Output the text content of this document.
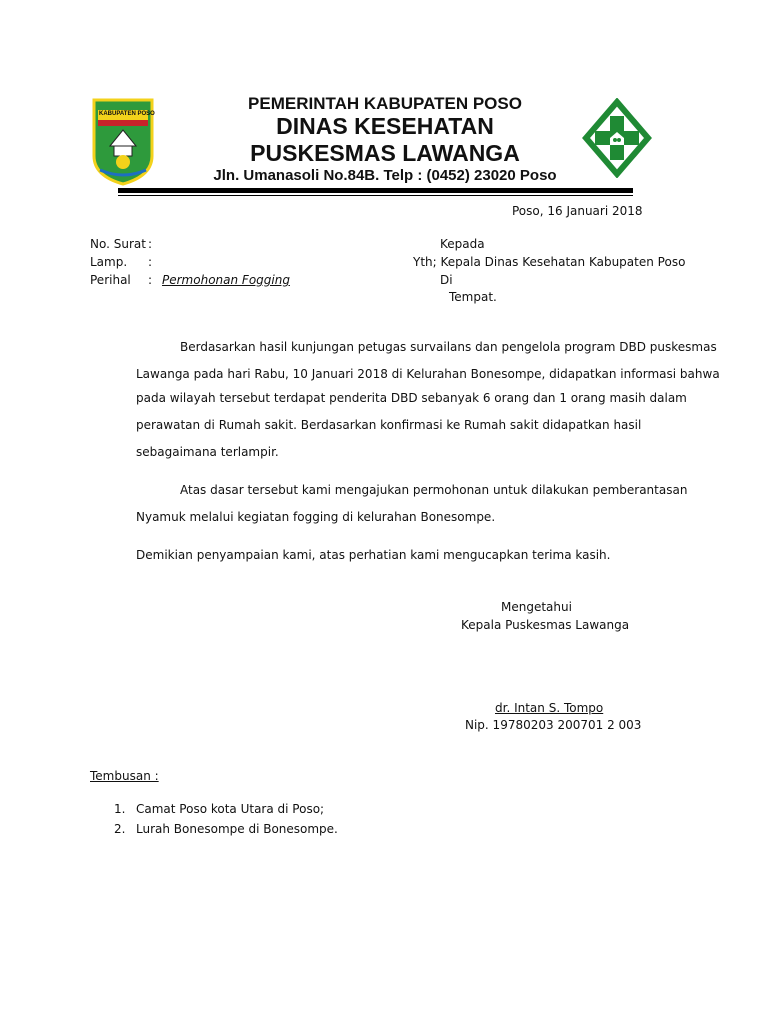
KABUPATEN POSO
PEMERINTAH KABUPATEN POSO
DINAS KESEHATAN
PUSKESMAS LAWANGA
Jln. Umanasoli No.84B. Telp : (0452) 23020 Poso
Poso, 16 Januari 2018
No. Surat :
Lamp. :
Perihal : Permohonan Fogging
Kepada
Yth; Kepala Dinas Kesehatan Kabupaten Poso
Di
Tempat.
Berdasarkan hasil kunjungan petugas survailans dan pengelola program DBD puskesmas
Lawanga pada hari Rabu, 10 Januari 2018 di Kelurahan Bonesompe, didapatkan informasi bahwa
pada wilayah tersebut terdapat penderita DBD sebanyak 6 orang dan 1 orang masih dalam
perawatan di Rumah sakit. Berdasarkan konfirmasi ke Rumah sakit didapatkan hasil
sebagaimana terlampir.
Atas dasar tersebut kami mengajukan permohonan untuk dilakukan pemberantasan
Nyamuk melalui kegiatan fogging di kelurahan Bonesompe.
Demikian penyampaian kami, atas perhatian kami mengucapkan terima kasih.
Mengetahui
Kepala Puskesmas Lawanga
dr. Intan S. Tompo
Nip. 19780203 200701 2 003
Tembusan :
1. Camat Poso kota Utara di Poso;
2. Lurah Bonesompe di Bonesompe.
